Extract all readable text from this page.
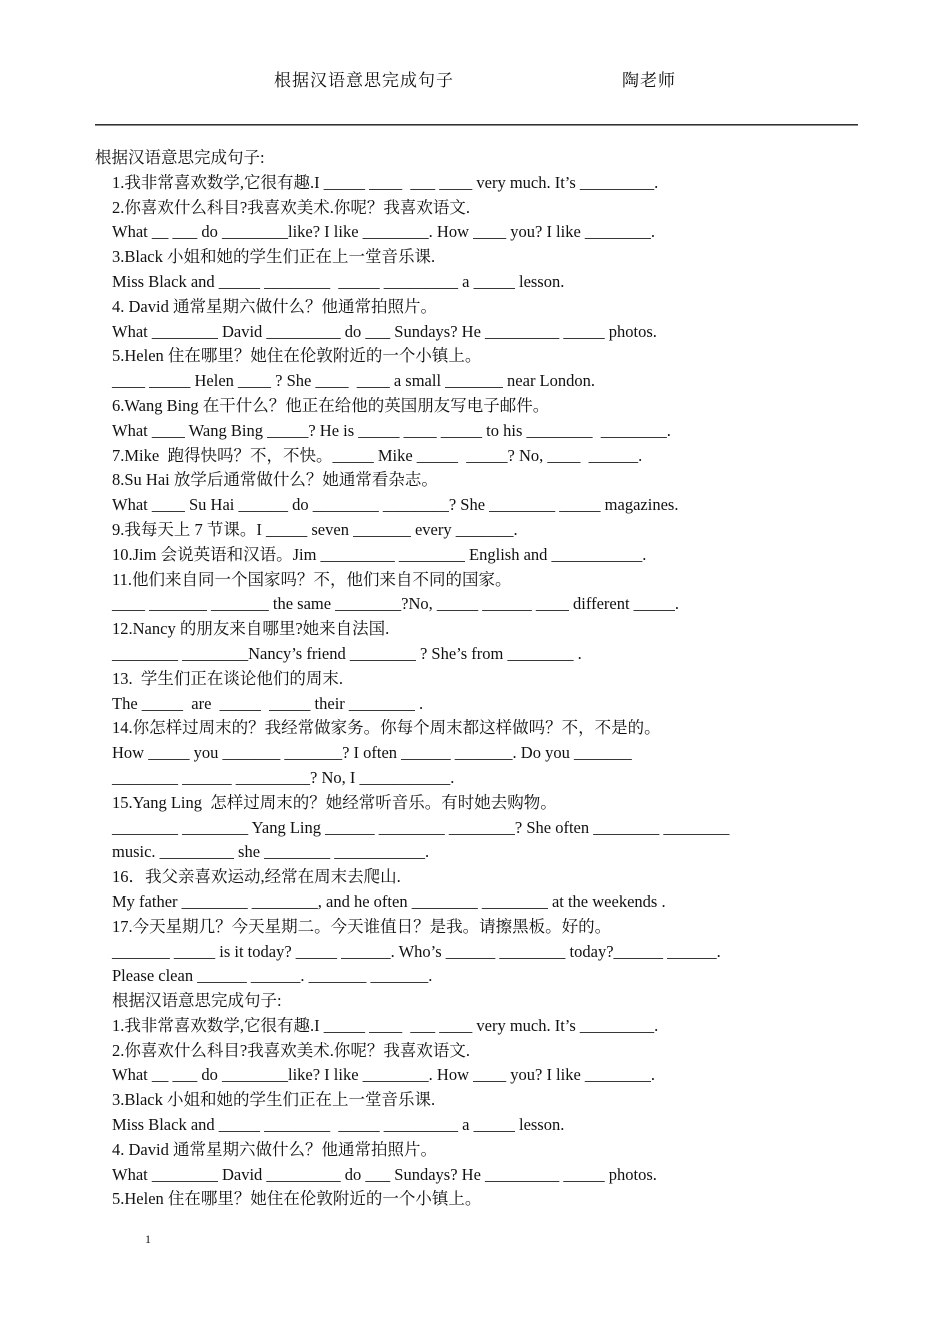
根据汉语意思完成句子	陶老师
根据汉语意思完成句子:
1.我非常喜欢数学,它很有趣.I _____ ____  ___ ____ very much. It’s _________.
2.你喜欢什么科目?我喜欢美术.你呢？我喜欢语文.
What __ ___ do ________like? I like ________. How ____ you? I like ________.
3.Black 小姐和她的学生们正在上一堂音乐课.
Miss Black and _____ ________  _____ _________ a _____ lesson.
4. David 通常星期六做什么？他通常拍照片。
What ________ David _________ do ___ Sundays? He _________ _____ photos.
5.Helen 住在哪里？她住在伦敦附近的一个小镇上。
____ _____ Helen ____ ? She ____  ____ a small _______ near London.
6.Wang Bing 在干什么？他正在给他的英国朋友写电子邮件。
What ____ Wang Bing _____? He is _____ ____ _____ to his ________  ________.
7.Mike  跑得快吗？不，不快。_____ Mike _____  _____? No, ____  ______.
8.Su Hai 放学后通常做什么？她通常看杂志。
What ____ Su Hai ______ do ________ ________? She ________ _____ magazines.
9.我每天上 7 节课。I _____ seven _______ every _______.
10.Jim 会说英语和汉语。Jim _________ ________ English and ___________.
11.他们来自同一个国家吗？不，他们来自不同的国家。
____ _______ _______ the same ________?No, _____ ______ ____ different _____.
12.Nancy 的朋友来自哪里?她来自法国.
________ ________Nancy’s friend ________ ? She’s from ________ .
13.  学生们正在谈论他们的周末.
The _____  are  _____  _____ their ________ .
14.你怎样过周末的？我经常做家务。你每个周末都这样做吗？不，不是的。
How _____ you _______ _______? I often ______ _______. Do you _______
________ ______ _________? No, I ___________.
15.Yang Ling  怎样过周末的？她经常听音乐。有时她去购物。
________ ________ Yang Ling ______ ________ ________? She often ________ ________
music. _________ she ________ ___________.
16．我父亲喜欢运动,经常在周末去爬山.
My father ________ ________, and he often ________ ________ at the weekends .
17.今天星期几？今天星期二。今天谁值日？是我。请擦黑板。好的。
_______ _____ is it today? _____ ______. Who’s ______ ________ today?______ ______.
Please clean ______ ______. _______ _______.
根据汉语意思完成句子:
1.我非常喜欢数学,它很有趣.I _____ ____  ___ ____ very much. It’s _________.
2.你喜欢什么科目?我喜欢美术.你呢？我喜欢语文.
What __ ___ do ________like? I like ________. How ____ you? I like ________.
3.Black 小姐和她的学生们正在上一堂音乐课.
Miss Black and _____ ________  _____ _________ a _____ lesson.
4. David 通常星期六做什么？他通常拍照片。
What ________ David _________ do ___ Sundays? He _________ _____ photos.
5.Helen 住在哪里？她住在伦敦附近的一个小镇上。
1
